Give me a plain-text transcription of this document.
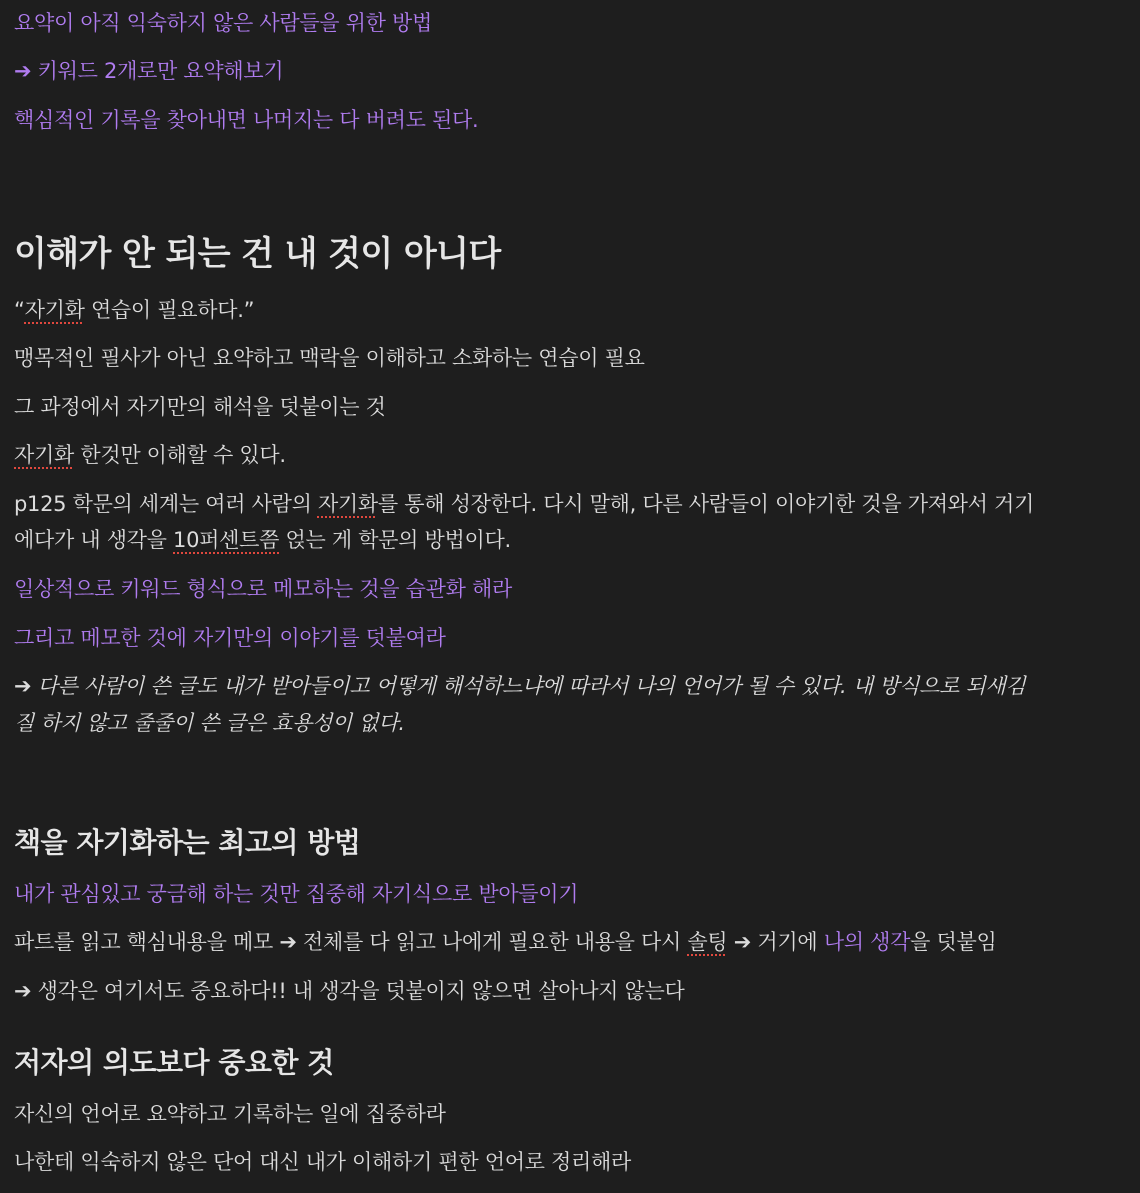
요약이 아직 익숙하지 않은 사람들을 위한 방법
➔ 키워드 2개로만 요약해보기
핵심적인 기록을 찾아내면 나머지는 다 버려도 된다.
이해가 안 되는 건 내 것이 아니다
“자기화 연습이 필요하다.”
맹목적인 필사가 아닌 요약하고 맥락을 이해하고 소화하는 연습이 필요
그 과정에서 자기만의 해석을 덧붙이는 것
자기화 한것만 이해할 수 있다.
p125 학문의 세계는 여러 사람의 자기화를 통해 성장한다. 다시 말해, 다른 사람들이 이야기한 것을 가져와서 거기
에다가 내 생각을 10퍼센트쯤 얹는 게 학문의 방법이다.
일상적으로 키워드 형식으로 메모하는 것을 습관화 해라
그리고 메모한 것에 자기만의 이야기를 덧붙여라
➔ 다른 사람이 쓴 글도 내가 받아들이고 어떻게 해석하느냐에 따라서 나의 언어가 될 수 있다. 내 방식으로 되새김
질 하지 않고 줄줄이 쓴 글은 효용성이 없다.
책을 자기화하는 최고의 방법
내가 관심있고 궁금해 하는 것만 집중해 자기식으로 받아들이기
파트를 읽고 핵심내용을 메모 ➔ 전체를 다 읽고 나에게 필요한 내용을 다시 솔팅 ➔ 거기에 나의 생각을 덧붙임
➔ 생각은 여기서도 중요하다!! 내 생각을 덧붙이지 않으면 살아나지 않는다
저자의 의도보다 중요한 것
자신의 언어로 요약하고 기록하는 일에 집중하라
나한테 익숙하지 않은 단어 대신 내가 이해하기 편한 언어로 정리해라
